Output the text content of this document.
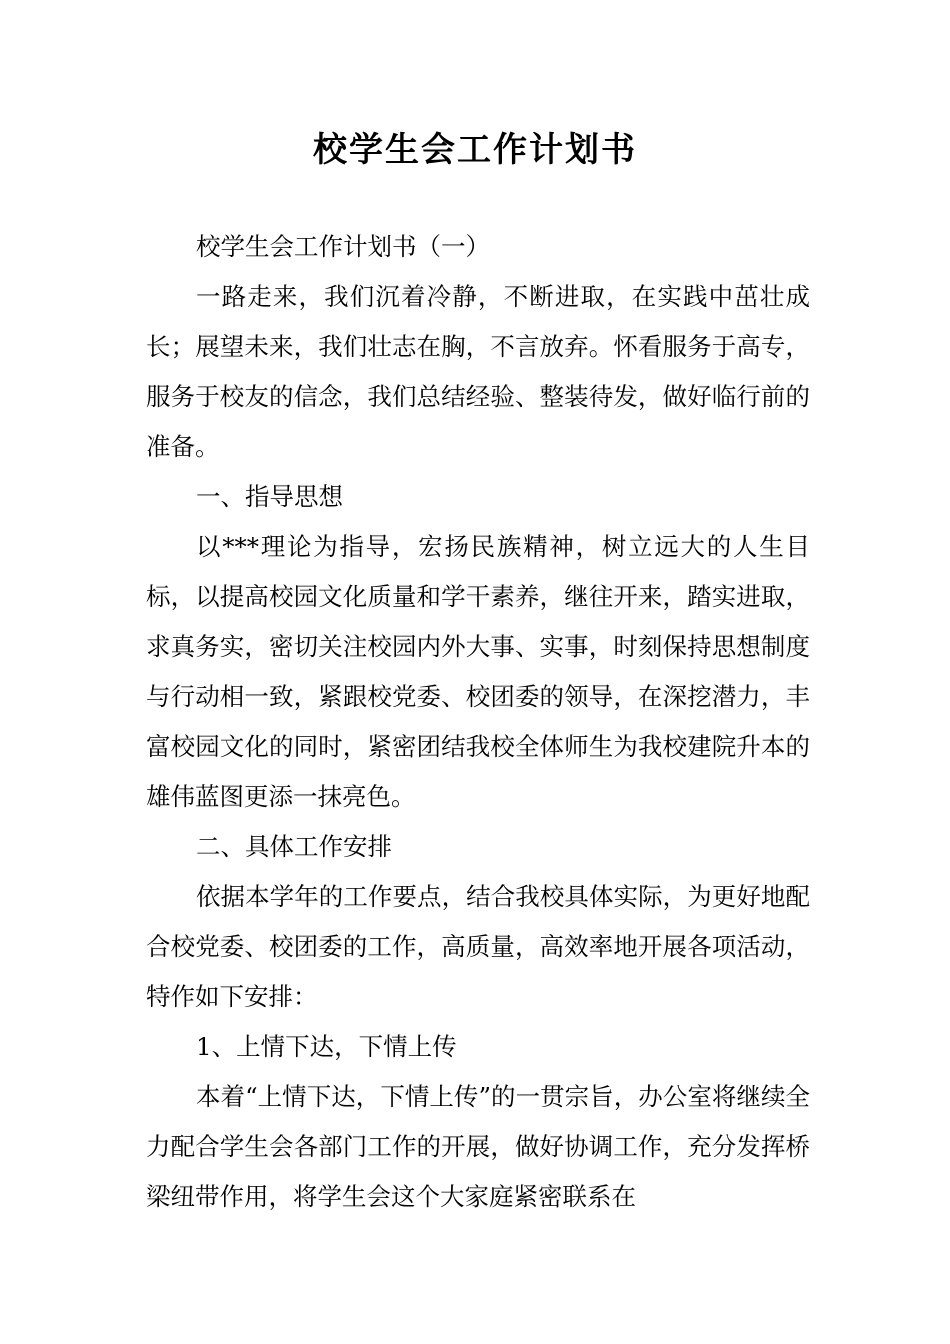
校学生会工作计划书

校学生会工作计划书（一）

一路走来，我们沉着冷静，不断进取，在实践中茁壮成长；展望未来，我们壮志在胸，不言放弃。怀看服务于高专，服务于校友的信念，我们总结经验、整装待发，做好临行前的准备。

一、指导思想

以***理论为指导，宏扬民族精神，树立远大的人生目标，以提高校园文化质量和学干素养，继往开来，踏实进取，求真务实，密切关注校园内外大事、实事，时刻保持思想制度与行动相一致，紧跟校党委、校团委的领导，在深挖潜力，丰富校园文化的同时，紧密团结我校全体师生为我校建院升本的雄伟蓝图更添一抹亮色。

二、具体工作安排

依据本学年的工作要点，结合我校具体实际，为更好地配合校党委、校团委的工作，高质量，高效率地开展各项活动，特作如下安排：

1、上情下达，下情上传

本着“上情下达，下情上传”的一贯宗旨，办公室将继续全力配合学生会各部门工作的开展，做好协调工作，充分发挥桥梁纽带作用，将学生会这个大家庭紧密联系在
